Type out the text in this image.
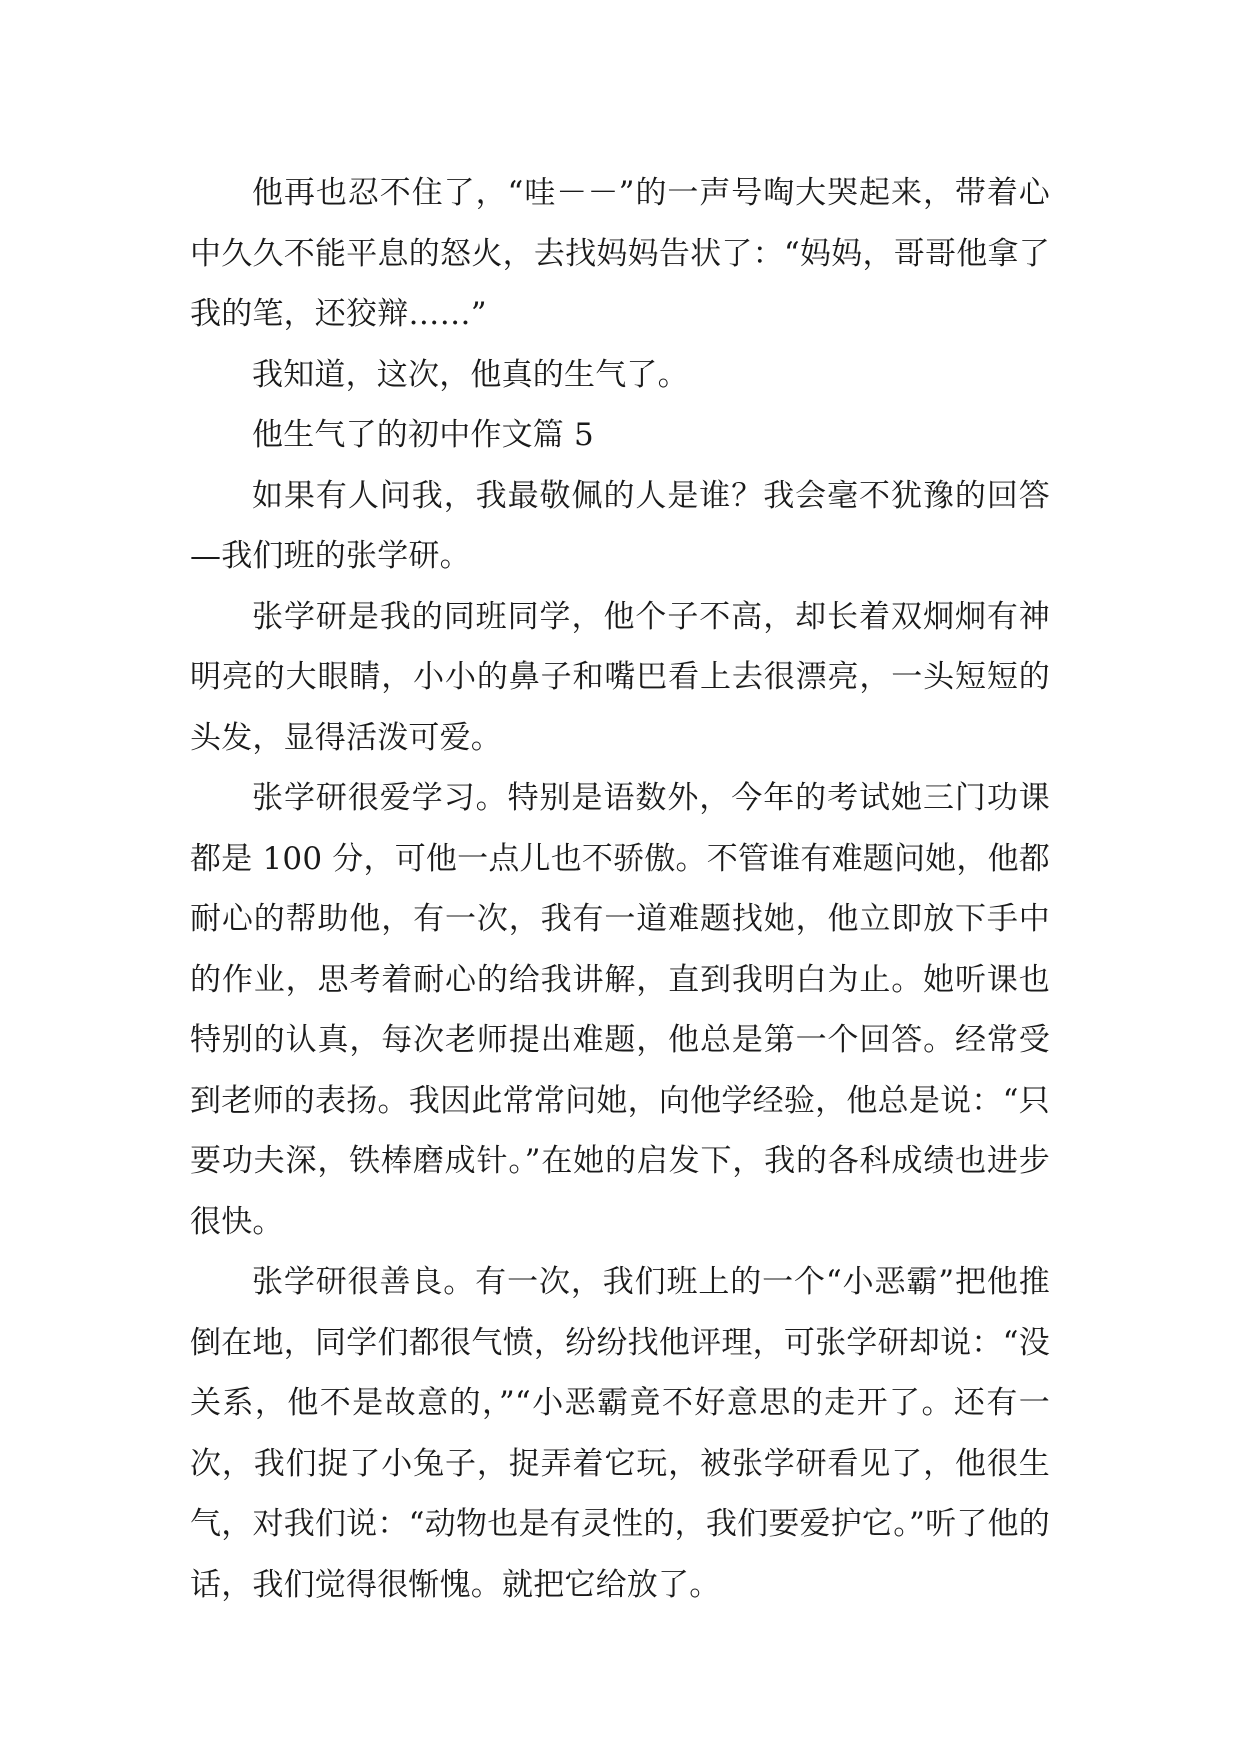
他再也忍不住了，“哇－－”的一声号啕大哭起来，带着心中久久不能平息的怒火，去找妈妈告状了：“妈妈，哥哥他拿了我的笔，还狡辩……”

我知道，这次，他真的生气了。

他生气了的初中作文篇 5

如果有人问我，我最敬佩的人是谁？我会毫不犹豫的回答—我们班的张学研。

张学研是我的同班同学，他个子不高，却长着双炯炯有神明亮的大眼睛，小小的鼻子和嘴巴看上去很漂亮，一头短短的头发，显得活泼可爱。

张学研很爱学习。特别是语数外，今年的考试她三门功课都是 100 分，可他一点儿也不骄傲。不管谁有难题问她，他都耐心的帮助他，有一次，我有一道难题找她，他立即放下手中的作业，思考着耐心的给我讲解，直到我明白为止。她听课也特别的认真，每次老师提出难题，他总是第一个回答。经常受到老师的表扬。我因此常常问她，向他学经验，他总是说：“只要功夫深，铁棒磨成针。”在她的启发下，我的各科成绩也进步很快。

张学研很善良。有一次，我们班上的一个“小恶霸”把他推倒在地，同学们都很气愤，纷纷找他评理，可张学研却说：“没关系，他不是故意的，”“小恶霸竟不好意思的走开了。还有一次，我们捉了小兔子，捉弄着它玩，被张学研看见了，他很生气，对我们说：“动物也是有灵性的，我们要爱护它。”听了他的话，我们觉得很惭愧。就把它给放了。
